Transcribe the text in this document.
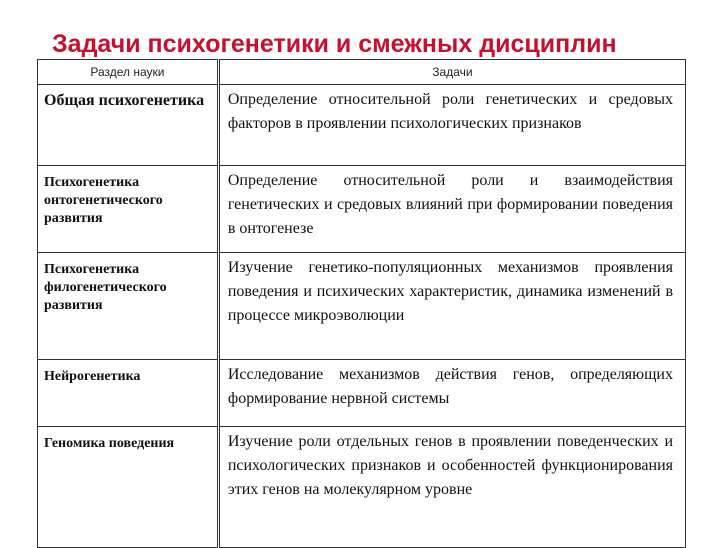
Задачи психогенетики и смежных дисциплин
Раздел науки	Задачи
Общая психогенетика	Определение относительной роли генетических и средовых факторов в проявлении психологических признаков
Психогенетика онтогенетического развития	Определение относительной роли и взаимодействия генетических и средовых влияний при формировании поведения в онтогенезе
Психогенетика филогенетического развития	Изучение генетико-популяционных механизмов проявления поведения и психических характеристик, динамика изменений в процессе микроэволюции
Нейрогенетика	Исследование механизмов действия генов, определяющих формирование нервной системы
Геномика поведения	Изучение роли отдельных генов в проявлении поведенческих и психологических признаков и особенностей функционирования этих генов на молекулярном уровне
